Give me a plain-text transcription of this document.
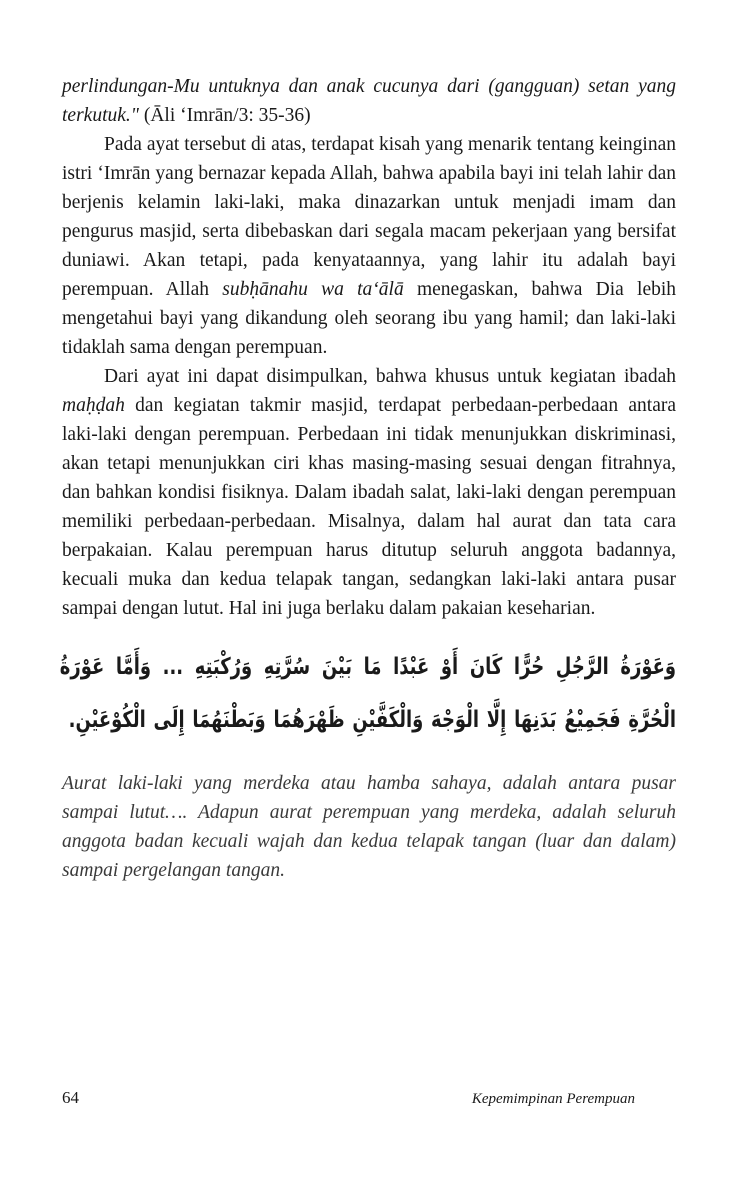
perlindungan-Mu untuknya dan anak cucunya dari (gangguan) setan yang terkutuk." (Āli ‘Imrān/3: 35-36)

Pada ayat tersebut di atas, terdapat kisah yang menarik tentang keinginan istri ‘Imrān yang bernazar kepada Allah, bahwa apabila bayi ini telah lahir dan berjenis kelamin laki-laki, maka dinazarkan untuk menjadi imam dan pengurus masjid, serta dibebaskan dari segala macam pekerjaan yang bersifat duniawi. Akan tetapi, pada kenyataannya, yang lahir itu adalah bayi perempuan. Allah subḥānahu wa ta‘ālā menegaskan, bahwa Dia lebih mengetahui bayi yang dikandung oleh seorang ibu yang hamil; dan laki-laki tidaklah sama dengan perempuan.

Dari ayat ini dapat disimpulkan, bahwa khusus untuk kegiatan ibadah maḥḍah dan kegiatan takmir masjid, terdapat perbedaan-perbedaan antara laki-laki dengan perempuan. Perbedaan ini tidak menunjukkan diskriminasi, akan tetapi menunjukkan ciri khas masing-masing sesuai dengan fitrahnya, dan bahkan kondisi fisiknya. Dalam ibadah salat, laki-laki dengan perempuan memiliki perbedaan-perbedaan. Misalnya, dalam hal aurat dan tata cara berpakaian. Kalau perempuan harus ditutup seluruh anggota badannya, kecuali muka dan kedua telapak tangan, sedangkan laki-laki antara pusar sampai dengan lutut. Hal ini juga berlaku dalam pakaian keseharian.

وَعَوْرَةُ الرَّجُلِ حُرًّا كَانَ أَوْ عَبْدًا مَا بَيْنَ سُرَّتِهِ وَرُكْبَتِهِ ... وَأَمَّا عَوْرَةُ الْحُرَّةِ فَجَمِيْعُ بَدَنِهَا إِلَّا الْوَجْهَ وَالْكَفَّيْنِ ظَهْرَهُمَا وَبَطْنَهُمَا إِلَى الْكُوْعَيْنِ.

Aurat laki-laki yang merdeka atau hamba sahaya, adalah antara pusar sampai lutut…. Adapun aurat perempuan yang merdeka, adalah seluruh anggota badan kecuali wajah dan kedua telapak tangan (luar dan dalam) sampai pergelangan tangan.

64	Kepemimpinan Perempuan
